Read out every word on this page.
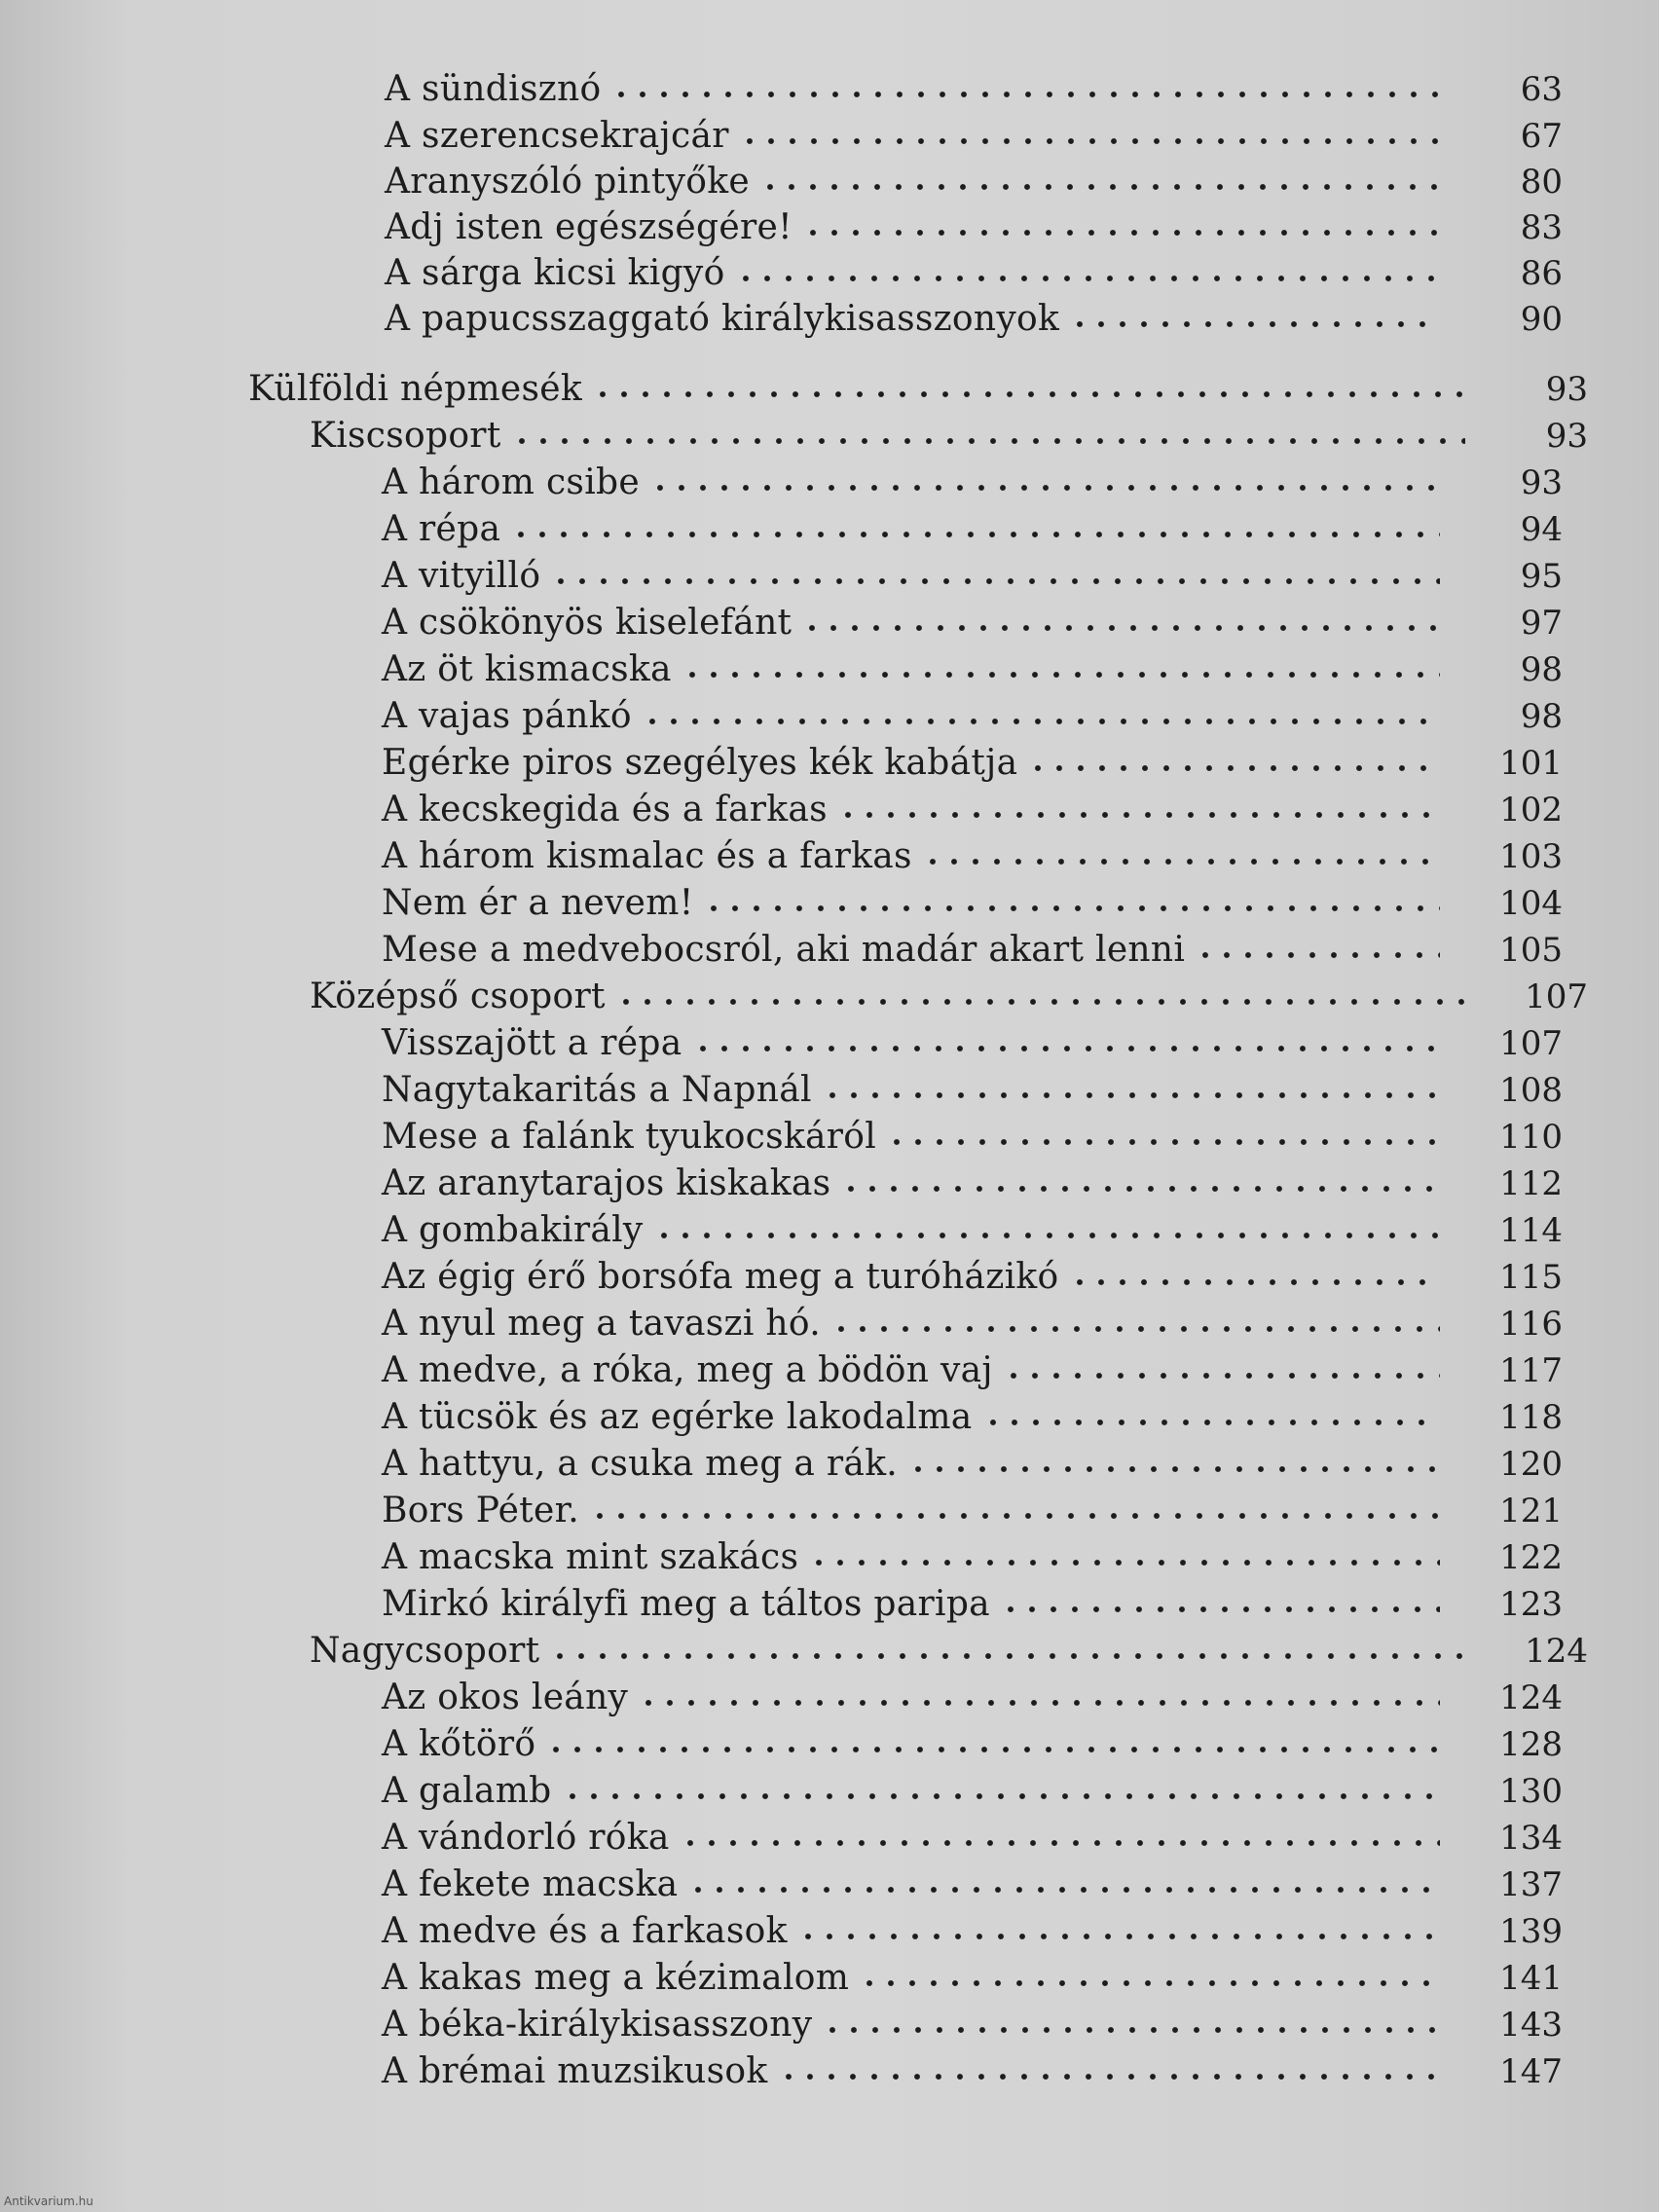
A sündisznó	63
A szerencsekrajcár	67
Aranyszóló pintyőke	80
Adj isten egészségére!	83
A sárga kicsi kigyó	86
A papucsszaggató királykisasszonyok	90
Külföldi népmesék	93
Kiscsoport	93
A három csibe	93
A répa	94
A vityilló	95
A csökönyös kiselefánt	97
Az öt kismacska	98
A vajas pánkó	98
Egérke piros szegélyes kék kabátja	101
A kecskegida és a farkas	102
A három kismalac és a farkas	103
Nem ér a nevem!	104
Mese a medvebocsról, aki madár akart lenni	105
Középső csoport	107
Visszajött a répa	107
Nagytakaritás a Napnál	108
Mese a falánk tyukocskáról	110
Az aranytarajos kiskakas	112
A gombakirály	114
Az égig érő borsófa meg a turóházikó	115
A nyul meg a tavaszi hó.	116
A medve, a róka, meg a bödön vaj	117
A tücsök és az egérke lakodalma	118
A hattyu, a csuka meg a rák.	120
Bors Péter.	121
A macska mint szakács	122
Mirkó királyfi meg a táltos paripa	123
Nagycsoport	124
Az okos leány	124
A kőtörő	128
A galamb	130
A vándorló róka	134
A fekete macska	137
A medve és a farkasok	139
A kakas meg a kézimalom	141
A béka-királykisasszony	143
A brémai muzsikusok	147
Antikvarium.hu
